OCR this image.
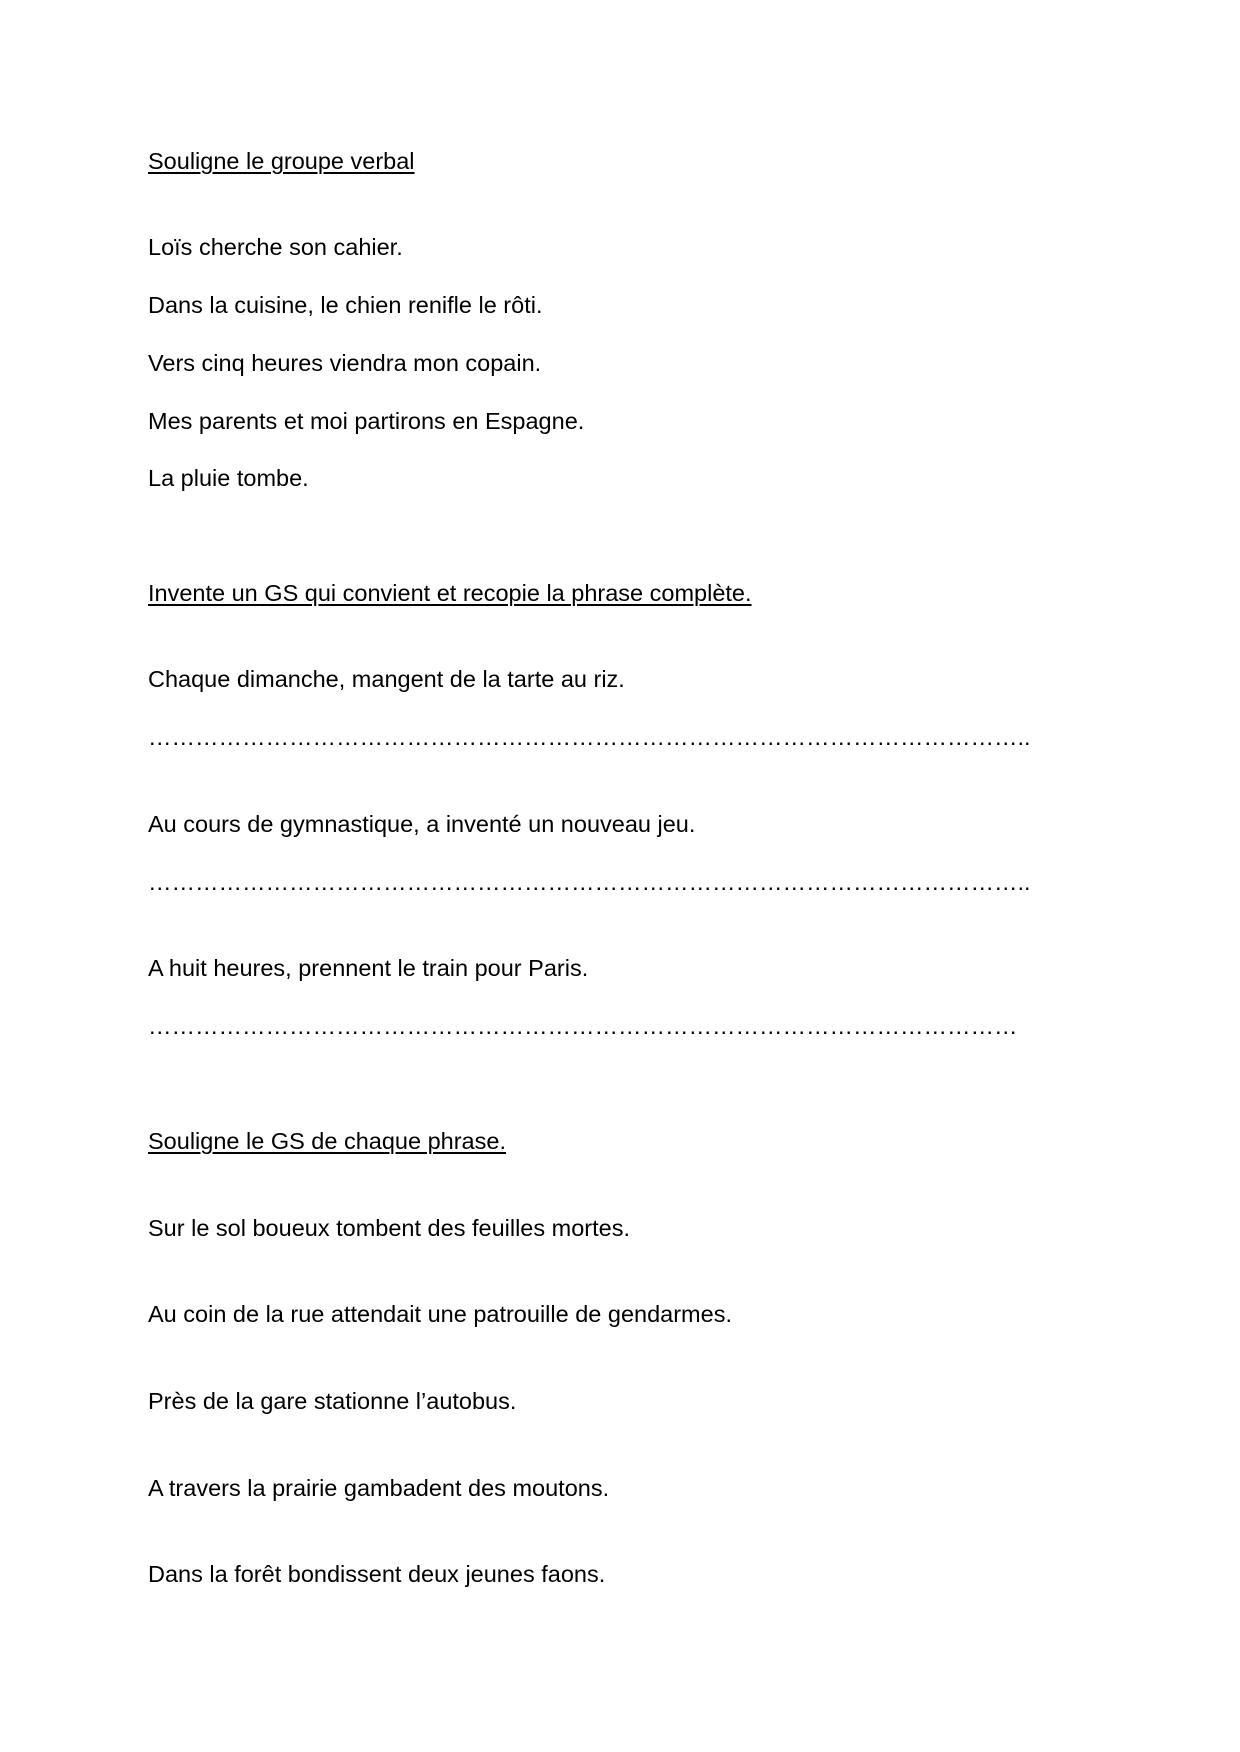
Souligne le groupe verbal
Loïs cherche son cahier.
Dans la cuisine, le chien renifle le rôti.
Vers cinq heures viendra mon copain.
Mes parents et moi partirons en Espagne.
La pluie tombe.
Invente un GS qui convient et recopie la phrase complète.
Chaque dimanche, mangent de la tarte au riz.
…………………………………………………………………………………………………..
Au cours de gymnastique, a inventé un nouveau jeu.
…………………………………………………………………………………………………..
A huit heures, prennent le train pour Paris.
…………………………………………………………………………………………………
Souligne le GS de chaque phrase.
Sur le sol boueux tombent des feuilles mortes.
Au coin de la rue attendait une patrouille de gendarmes.
Près de la gare stationne l’autobus.
A travers la prairie gambadent des moutons.
Dans la forêt bondissent deux jeunes faons.
